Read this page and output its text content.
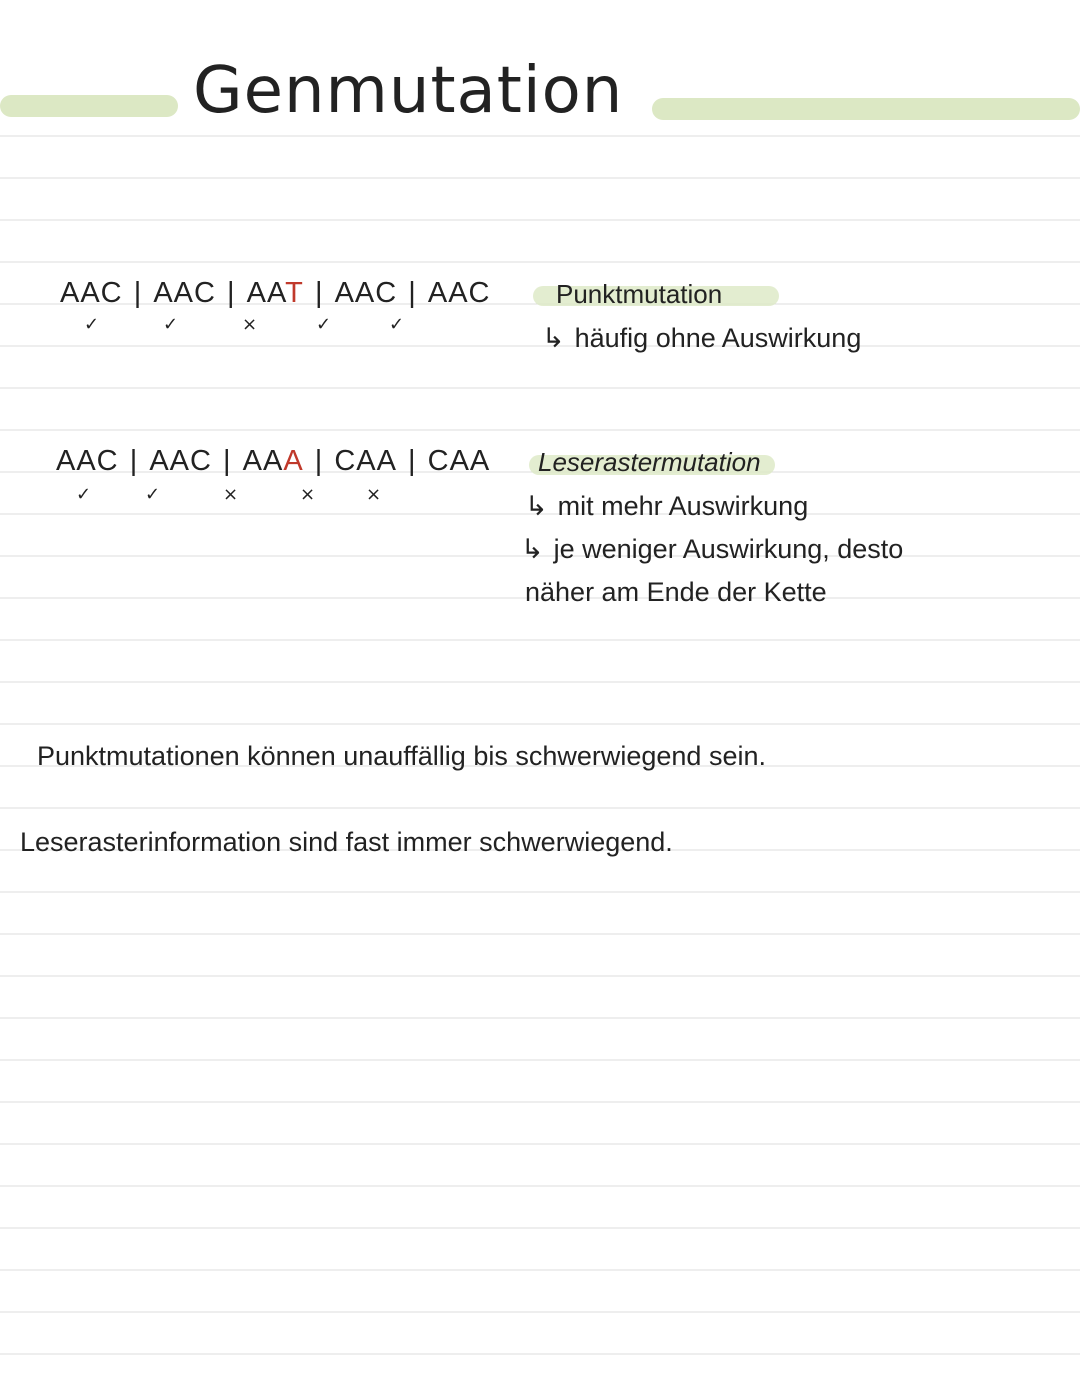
Genmutation
AAC | AAC | AAT | AAC | AAC
✓	✓	×	✓	✓
Punktmutation
↳ häufig ohne Auswirkung
AAC | AAC | AAA | CAA | CAA
✓	✓	×	×	×
Leserastermutation
↳ mit mehr Auswirkung
↳ je weniger Auswirkung, desto
näher am Ende der Kette
Punktmutationen können unauffällig bis schwerwiegend sein.
Leserasterinformation sind fast immer schwerwiegend.
